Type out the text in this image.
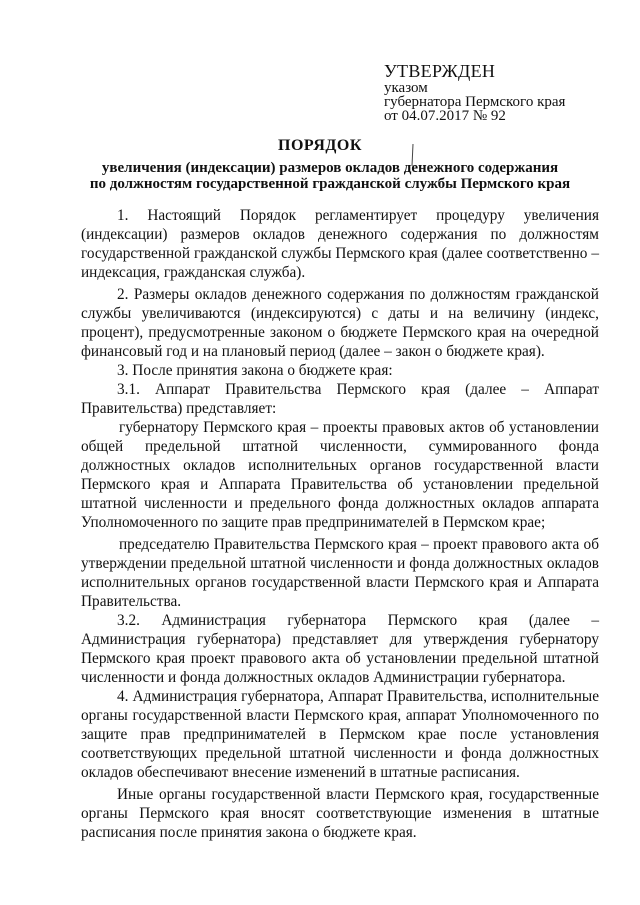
УТВЕРЖДЕН
указом
губернатора Пермского края
от 04.07.2017 № 92
ПОРЯДОК
увеличения (индексации) размеров окладов денежного содержания
по должностям государственной гражданской службы Пермского края

1. Настоящий Порядок регламентирует процедуру увеличения (индексации) размеров окладов денежного содержания по должностям государственной гражданской службы Пермского края (далее соответственно – индексация, гражданская служба).

2. Размеры окладов денежного содержания по должностям гражданской службы увеличиваются (индексируются) с даты и на величину (индекс, процент), предусмотренные законом о бюджете Пермского края на очередной финансовый год и на плановый период (далее – закон о бюджете края).

3. После принятия закона о бюджете края:

3.1. Аппарат Правительства Пермского края (далее – Аппарат Правительства) представляет:

губернатору Пермского края – проекты правовых актов об установлении общей предельной штатной численности, суммированного фонда должностных окладов исполнительных органов государственной власти Пермского края и Аппарата Правительства об установлении предельной штатной численности и предельного фонда должностных окладов аппарата Уполномоченного по защите прав предпринимателей в Пермском крае;

председателю Правительства Пермского края – проект правового акта об утверждении предельной штатной численности и фонда должностных окладов исполнительных органов государственной власти Пермского края и Аппарата Правительства.

3.2. Администрация губернатора Пермского края (далее – Администрация губернатора) представляет для утверждения губернатору Пермского края проект правового акта об установлении предельной штатной численности и фонда должностных окладов Администрации губернатора.

4. Администрация губернатора, Аппарат Правительства, исполнительные органы государственной власти Пермского края, аппарат Уполномоченного по защите прав предпринимателей в Пермском крае после установления соответствующих предельной штатной численности и фонда должностных окладов обеспечивают внесение изменений в штатные расписания.

Иные органы государственной власти Пермского края, государственные органы Пермского края вносят соответствующие изменения в штатные расписания после принятия закона о бюджете края.
